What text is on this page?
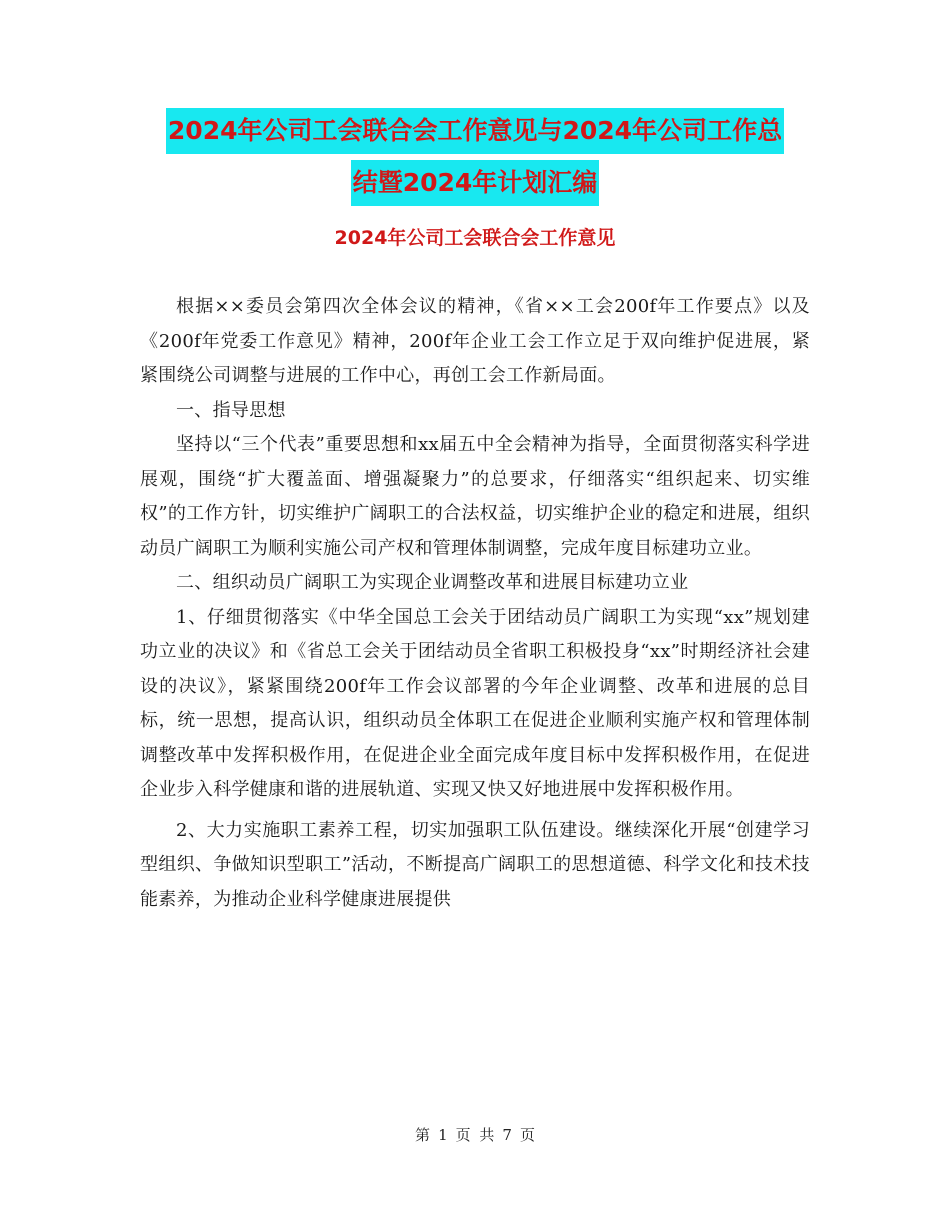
2024年公司工会联合会工作意见与2024年公司工作总
结暨2024年计划汇编
2024年公司工会联合会工作意见

根据××委员会第四次全体会议的精神，《省××工会200f年工作要点》以及《200f年党委工作意见》精神，200f年企业工会工作立足于双向维护促进展，紧紧围绕公司调整与进展的工作中心，再创工会工作新局面。

一、指导思想

坚持以“三个代表”重要思想和xx届五中全会精神为指导，全面贯彻落实科学进展观，围绕“扩大覆盖面、增强凝聚力”的总要求，仔细落实“组织起来、切实维权”的工作方针，切实维护广阔职工的合法权益，切实维护企业的稳定和进展，组织动员广阔职工为顺利实施公司产权和管理体制调整，完成年度目标建功立业。

二、组织动员广阔职工为实现企业调整改革和进展目标建功立业

1、仔细贯彻落实《中华全国总工会关于团结动员广阔职工为实现“xx”规划建功立业的决议》和《省总工会关于团结动员全省职工积极投身“xx”时期经济社会建设的决议》，紧紧围绕200f年工作会议部署的今年企业调整、改革和进展的总目标，统一思想，提高认识，组织动员全体职工在促进企业顺利实施产权和管理体制调整改革中发挥积极作用，在促进企业全面完成年度目标中发挥积极作用，在促进企业步入科学健康和谐的进展轨道、实现又快又好地进展中发挥积极作用。

2、大力实施职工素养工程，切实加强职工队伍建设。继续深化开展“创建学习型组织、争做知识型职工”活动，不断提高广阔职工的思想道德、科学文化和技术技能素养，为推动企业科学健康进展提供

第 1 页 共 7 页
